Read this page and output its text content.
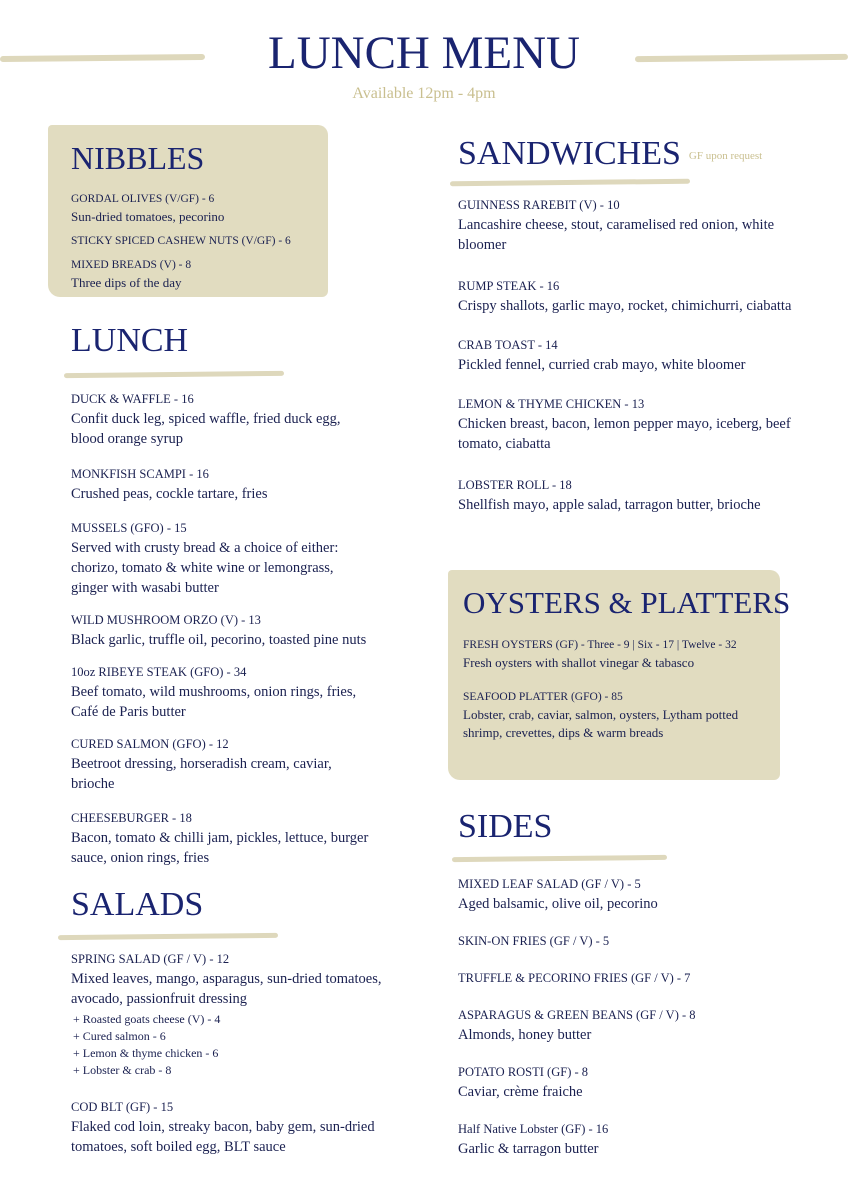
LUNCH MENU
Available 12pm - 4pm
NIBBLES
GORDAL OLIVES (V/GF) - 6
Sun-dried tomatoes, pecorino
STICKY SPICED CASHEW NUTS (V/GF) - 6
MIXED BREADS (V) - 8
Three dips of the day
LUNCH
DUCK & WAFFLE - 16
Confit duck leg, spiced waffle, fried duck egg, blood orange syrup
MONKFISH SCAMPI - 16
Crushed peas, cockle tartare, fries
MUSSELS (GFO) - 15
Served with crusty bread & a choice of either: chorizo, tomato & white wine or lemongrass, ginger with wasabi butter
WILD MUSHROOM ORZO (V) - 13
Black garlic, truffle oil, pecorino, toasted pine nuts
10oz RIBEYE STEAK (GFO) - 34
Beef tomato, wild mushrooms, onion rings, fries, Café de Paris butter
CURED SALMON (GFO) - 12
Beetroot dressing, horseradish cream, caviar, brioche
CHEESEBURGER - 18
Bacon, tomato & chilli jam, pickles, lettuce, burger sauce, onion rings, fries
SALADS
SPRING SALAD (GF / V) - 12
Mixed leaves, mango, asparagus, sun-dried tomatoes, avocado, passionfruit dressing
+ Roasted goats cheese (V) - 4
+ Cured salmon - 6
+ Lemon & thyme chicken - 6
+ Lobster & crab - 8
COD BLT (GF) - 15
Flaked cod loin, streaky bacon, baby gem, sun-dried tomatoes, soft boiled egg, BLT sauce
SANDWICHES GF upon request
GUINNESS RAREBIT (V) - 10
Lancashire cheese, stout, caramelised red onion, white bloomer
RUMP STEAK - 16
Crispy shallots, garlic mayo, rocket, chimichurri, ciabatta
CRAB TOAST - 14
Pickled fennel, curried crab mayo, white bloomer
LEMON & THYME CHICKEN - 13
Chicken breast, bacon, lemon pepper mayo, iceberg, beef tomato, ciabatta
LOBSTER ROLL - 18
Shellfish mayo, apple salad, tarragon butter, brioche
OYSTERS & PLATTERS
FRESH OYSTERS (GF) - Three - 9 | Six - 17 | Twelve - 32
Fresh oysters with shallot vinegar & tabasco
SEAFOOD PLATTER (GFO) - 85
Lobster, crab, caviar, salmon, oysters, Lytham potted shrimp, crevettes, dips & warm breads
SIDES
MIXED LEAF SALAD (GF / V) - 5
Aged balsamic, olive oil, pecorino
SKIN-ON FRIES (GF / V) - 5
TRUFFLE & PECORINO FRIES (GF / V) - 7
ASPARAGUS & GREEN BEANS (GF / V) - 8
Almonds, honey butter
POTATO ROSTI (GF) - 8
Caviar, crème fraiche
Half Native Lobster (GF) - 16
Garlic & tarragon butter
